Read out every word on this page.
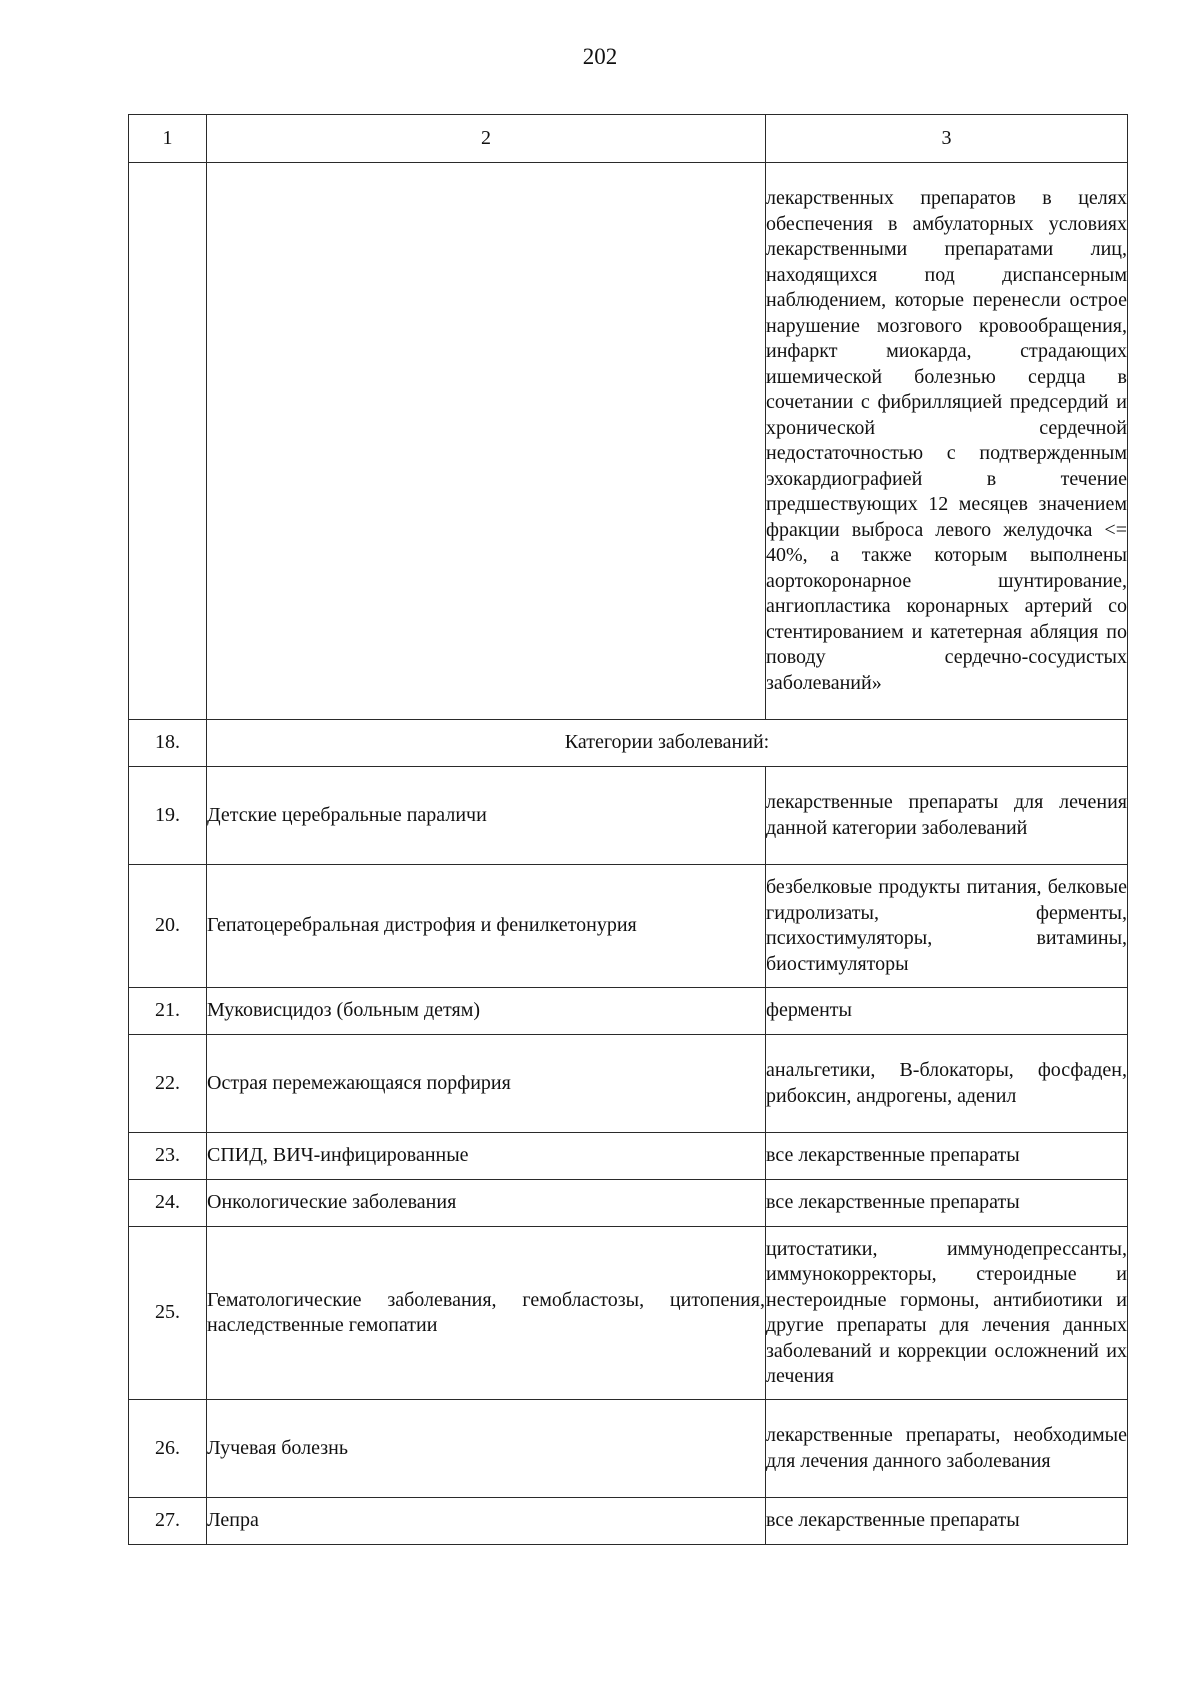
202
1	2	3
		лекарственных препаратов в целях обеспечения в амбулаторных условиях лекарственными препаратами лиц, находящихся под диспансерным наблюдением, которые перенесли острое нарушение мозгового кровообращения, инфаркт миокарда, страдающих ишемической болезнью сердца в сочетании с фибрилляцией предсердий и хронической сердечной недостаточностью с подтвержденным эхокардиографией в течение предшествующих 12 месяцев значением фракции выброса левого желудочка <= 40%, а также которым выполнены аортокоронарное шунтирование, ангиопластика коронарных артерий со стентированием и катетерная абляция по поводу сердечно-сосудистых заболеваний»
18.	Категории заболеваний:	
19.	Детские церебральные параличи	лекарственные препараты для лечения данной категории заболеваний
20.	Гепатоцеребральная дистрофия и фенилкетонурия	безбелковые продукты питания, белковые гидролизаты, ферменты, психостимуляторы, витамины, биостимуляторы
21.	Муковисцидоз (больным детям)	ферменты
22.	Острая перемежающаяся порфирия	анальгетики, B-блокаторы, фосфаден, рибоксин, андрогены, аденил
23.	СПИД, ВИЧ-инфицированные	все лекарственные препараты
24.	Онкологические заболевания	все лекарственные препараты
25.	Гематологические заболевания, гемобластозы, цитопения, наследственные гемопатии	цитостатики, иммунодепрессанты, иммунокорректоры, стероидные и нестероидные гормоны, антибиотики и другие препараты для лечения данных заболеваний и коррекции осложнений их лечения
26.	Лучевая болезнь	лекарственные препараты, необходимые для лечения данного заболевания
27.	Лепра	все лекарственные препараты
